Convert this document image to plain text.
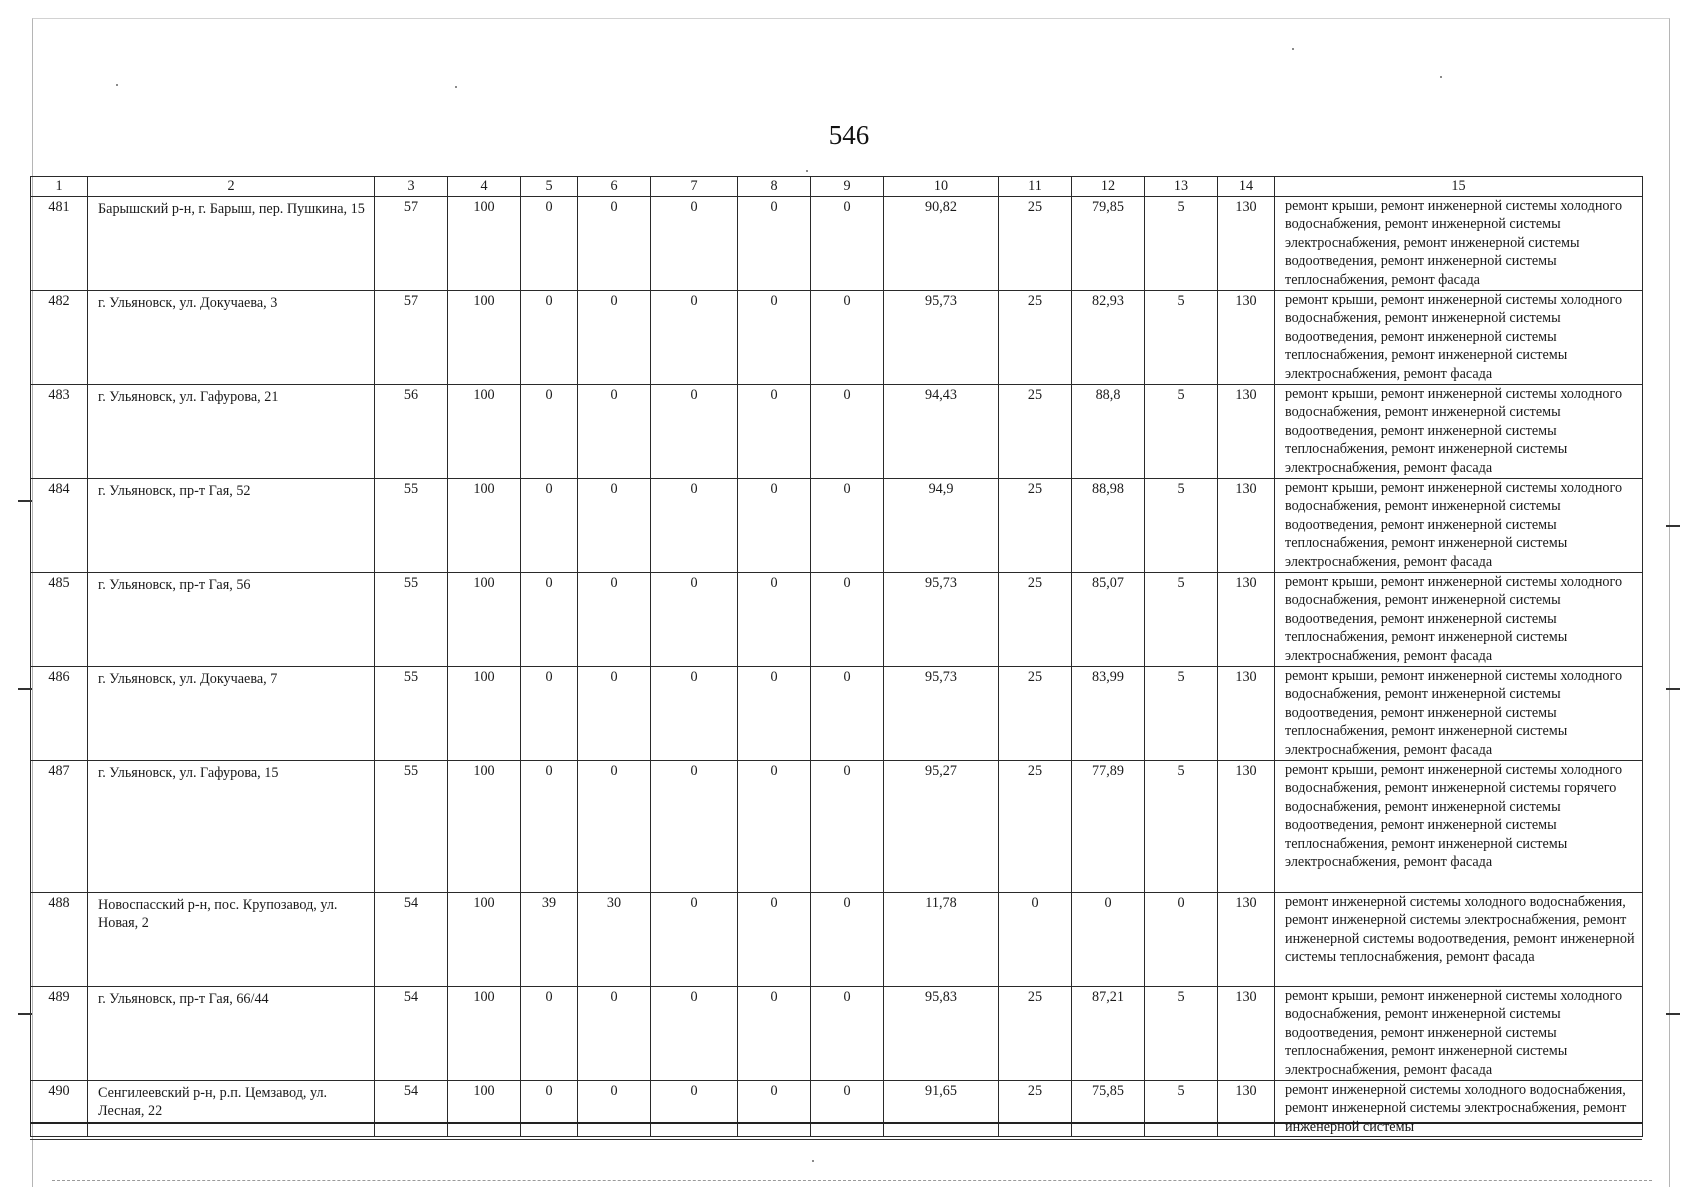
546
1	2	3	4	5	6	7	8	9	10	11	12	13	14	15
481	Барышский р-н, г. Барыш, пер. Пушкина, 15	57	100	0	0	0	0	0	90,82	25	79,85	5	130	ремонт крыши, ремонт инженерной системы холодного водоснабжения, ремонт инженерной системы электроснабжения, ремонт инженерной системы водоотведения, ремонт инженерной системы теплоснабжения, ремонт фасада
482	г. Ульяновск, ул. Докучаева, 3	57	100	0	0	0	0	0	95,73	25	82,93	5	130	ремонт крыши, ремонт инженерной системы холодного водоснабжения, ремонт инженерной системы водоотведения, ремонт инженерной системы теплоснабжения, ремонт инженерной системы электроснабжения, ремонт фасада
483	г. Ульяновск, ул. Гафурова, 21	56	100	0	0	0	0	0	94,43	25	88,8	5	130	ремонт крыши, ремонт инженерной системы холодного водоснабжения, ремонт инженерной системы водоотведения, ремонт инженерной системы теплоснабжения, ремонт инженерной системы электроснабжения, ремонт фасада
484	г. Ульяновск, пр-т Гая, 52	55	100	0	0	0	0	0	94,9	25	88,98	5	130	ремонт крыши, ремонт инженерной системы холодного водоснабжения, ремонт инженерной системы водоотведения, ремонт инженерной системы теплоснабжения, ремонт инженерной системы электроснабжения, ремонт фасада
485	г. Ульяновск, пр-т Гая, 56	55	100	0	0	0	0	0	95,73	25	85,07	5	130	ремонт крыши, ремонт инженерной системы холодного водоснабжения, ремонт инженерной системы водоотведения, ремонт инженерной системы теплоснабжения, ремонт инженерной системы электроснабжения, ремонт фасада
486	г. Ульяновск, ул. Докучаева, 7	55	100	0	0	0	0	0	95,73	25	83,99	5	130	ремонт крыши, ремонт инженерной системы холодного водоснабжения, ремонт инженерной системы водоотведения, ремонт инженерной системы теплоснабжения, ремонт инженерной системы электроснабжения, ремонт фасада
487	г. Ульяновск, ул. Гафурова, 15	55	100	0	0	0	0	0	95,27	25	77,89	5	130	ремонт крыши, ремонт инженерной системы холодного водоснабжения, ремонт инженерной системы горячего водоснабжения, ремонт инженерной системы водоотведения, ремонт инженерной системы теплоснабжения, ремонт инженерной системы электроснабжения, ремонт фасада
488	Новоспасский р-н, пос. Крупозавод, ул. Новая, 2	54	100	39	30	0	0	0	11,78	0	0	0	130	ремонт инженерной системы холодного водоснабжения, ремонт инженерной системы электроснабжения, ремонт инженерной системы водоотведения, ремонт инженерной системы теплоснабжения, ремонт фасада
489	г. Ульяновск, пр-т Гая, 66/44	54	100	0	0	0	0	0	95,83	25	87,21	5	130	ремонт крыши, ремонт инженерной системы холодного водоснабжения, ремонт инженерной системы водоотведения, ремонт инженерной системы теплоснабжения, ремонт инженерной системы электроснабжения, ремонт фасада
490	Сенгилеевский р-н, р.п. Цемзавод, ул. Лесная, 22	54	100	0	0	0	0	0	91,65	25	75,85	5	130	ремонт инженерной системы холодного водоснабжения, ремонт инженерной системы электроснабжения, ремонт инженерной системы
